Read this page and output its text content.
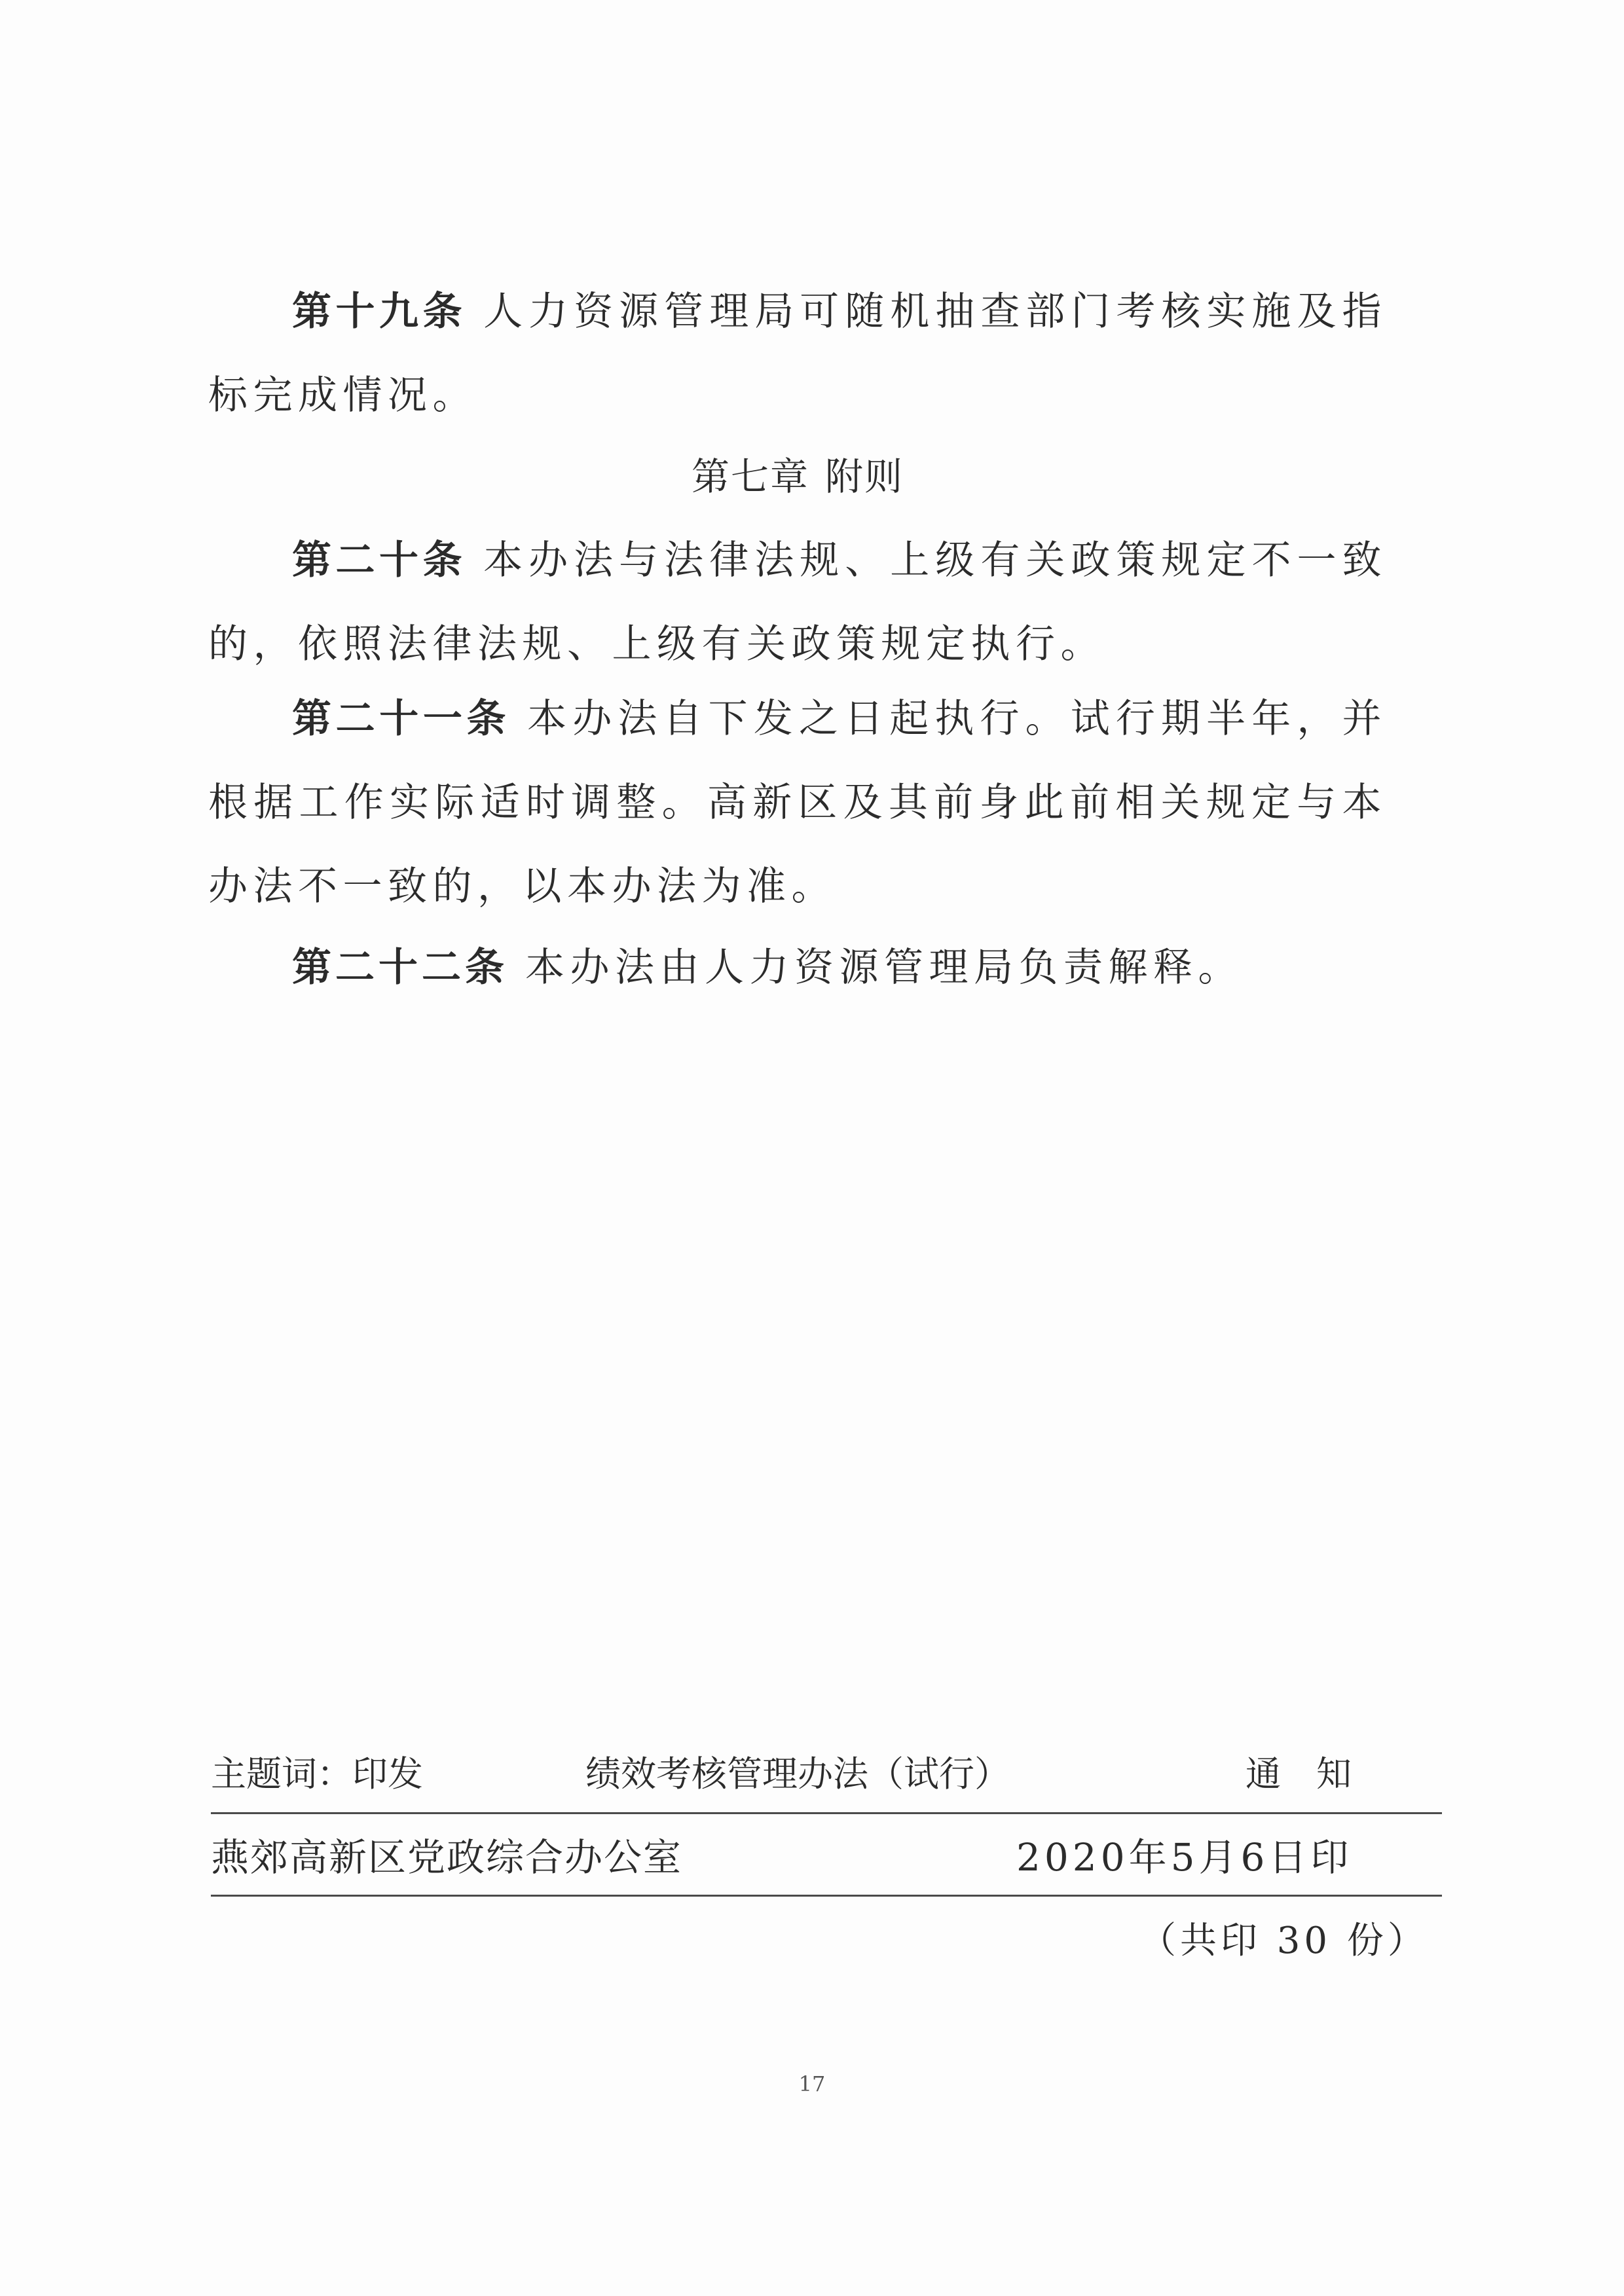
第十九条 人力资源管理局可随机抽查部门考核实施及指标完成情况。

第七章 附则

第二十条 本办法与法律法规、上级有关政策规定不一致的，依照法律法规、上级有关政策规定执行。

第二十一条 本办法自下发之日起执行。试行期半年，并根据工作实际适时调整。高新区及其前身此前相关规定与本办法不一致的，以本办法为准。

第二十二条 本办法由人力资源管理局负责解释。

主题词：印发	绩效考核管理办法（试行）	通　知
燕郊高新区党政综合办公室	2020年5月6日印
（共印 30 份）
17
